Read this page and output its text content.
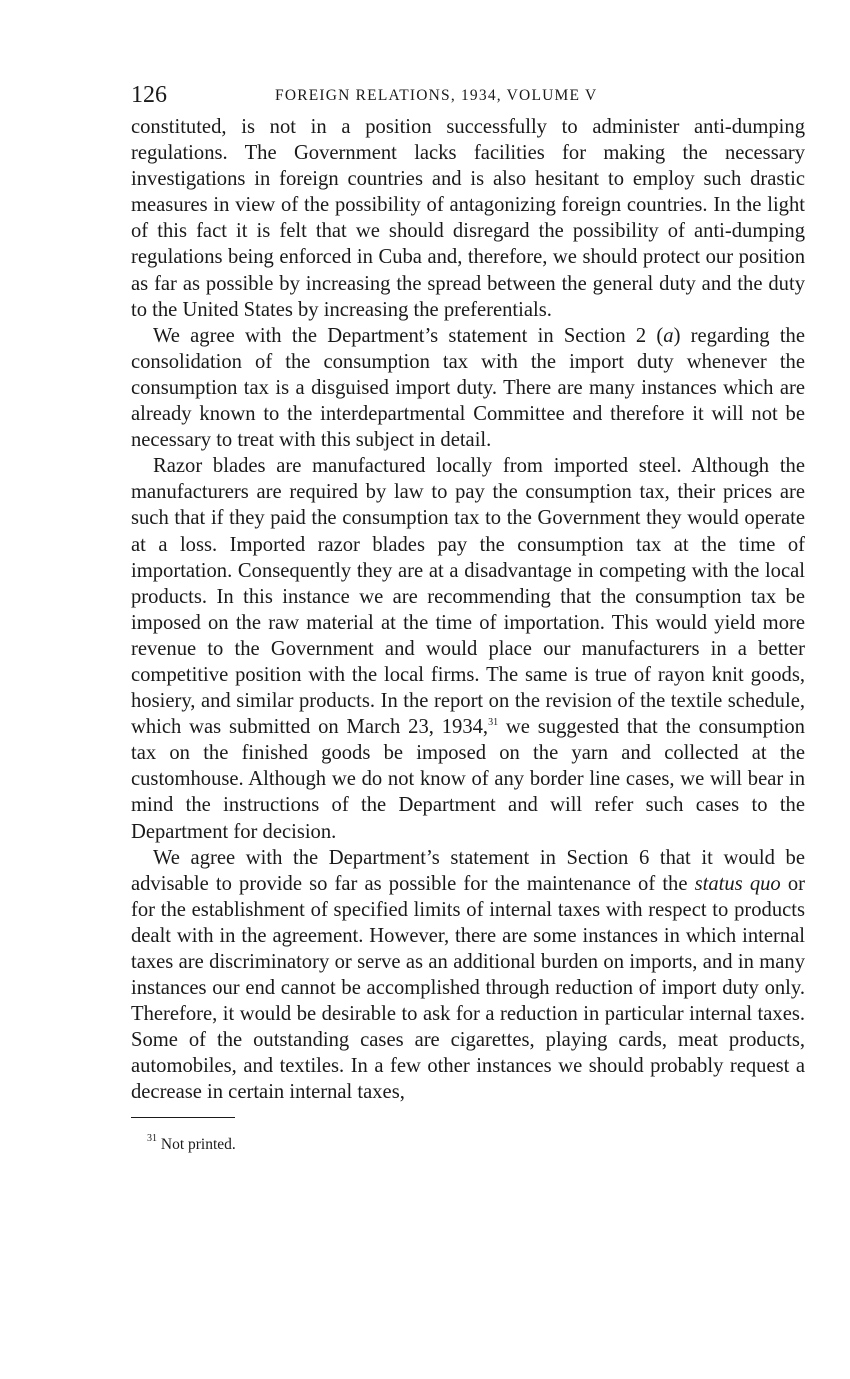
126	FOREIGN RELATIONS, 1934, VOLUME V

constituted, is not in a position successfully to administer anti-dumping regulations. The Government lacks facilities for making the necessary investigations in foreign countries and is also hesitant to employ such drastic measures in view of the possibility of antagonizing foreign countries. In the light of this fact it is felt that we should disregard the possibility of anti-dumping regulations being enforced in Cuba and, therefore, we should protect our position as far as possible by increasing the spread between the general duty and the duty to the United States by increasing the preferentials.

We agree with the Department’s statement in Section 2 (a) regarding the consolidation of the consumption tax with the import duty whenever the consumption tax is a disguised import duty. There are many instances which are already known to the interdepartmental Committee and therefore it will not be necessary to treat with this subject in detail.

Razor blades are manufactured locally from imported steel. Although the manufacturers are required by law to pay the consumption tax, their prices are such that if they paid the consumption tax to the Government they would operate at a loss. Imported razor blades pay the consumption tax at the time of importation. Consequently they are at a disadvantage in competing with the local products. In this instance we are recommending that the consumption tax be imposed on the raw material at the time of importation. This would yield more revenue to the Government and would place our manufacturers in a better competitive position with the local firms. The same is true of rayon knit goods, hosiery, and similar products. In the report on the revision of the textile schedule, which was submitted on March 23, 1934,31 we suggested that the consumption tax on the finished goods be imposed on the yarn and collected at the customhouse. Although we do not know of any border line cases, we will bear in mind the instructions of the Department and will refer such cases to the Department for decision.

We agree with the Department’s statement in Section 6 that it would be advisable to provide so far as possible for the maintenance of the status quo or for the establishment of specified limits of internal taxes with respect to products dealt with in the agreement. However, there are some instances in which internal taxes are discriminatory or serve as an additional burden on imports, and in many instances our end cannot be accomplished through reduction of import duty only. Therefore, it would be desirable to ask for a reduction in particular internal taxes. Some of the outstanding cases are cigarettes, playing cards, meat products, automobiles, and textiles. In a few other instances we should probably request a decrease in certain internal taxes,

$^{31}$ Not printed.
